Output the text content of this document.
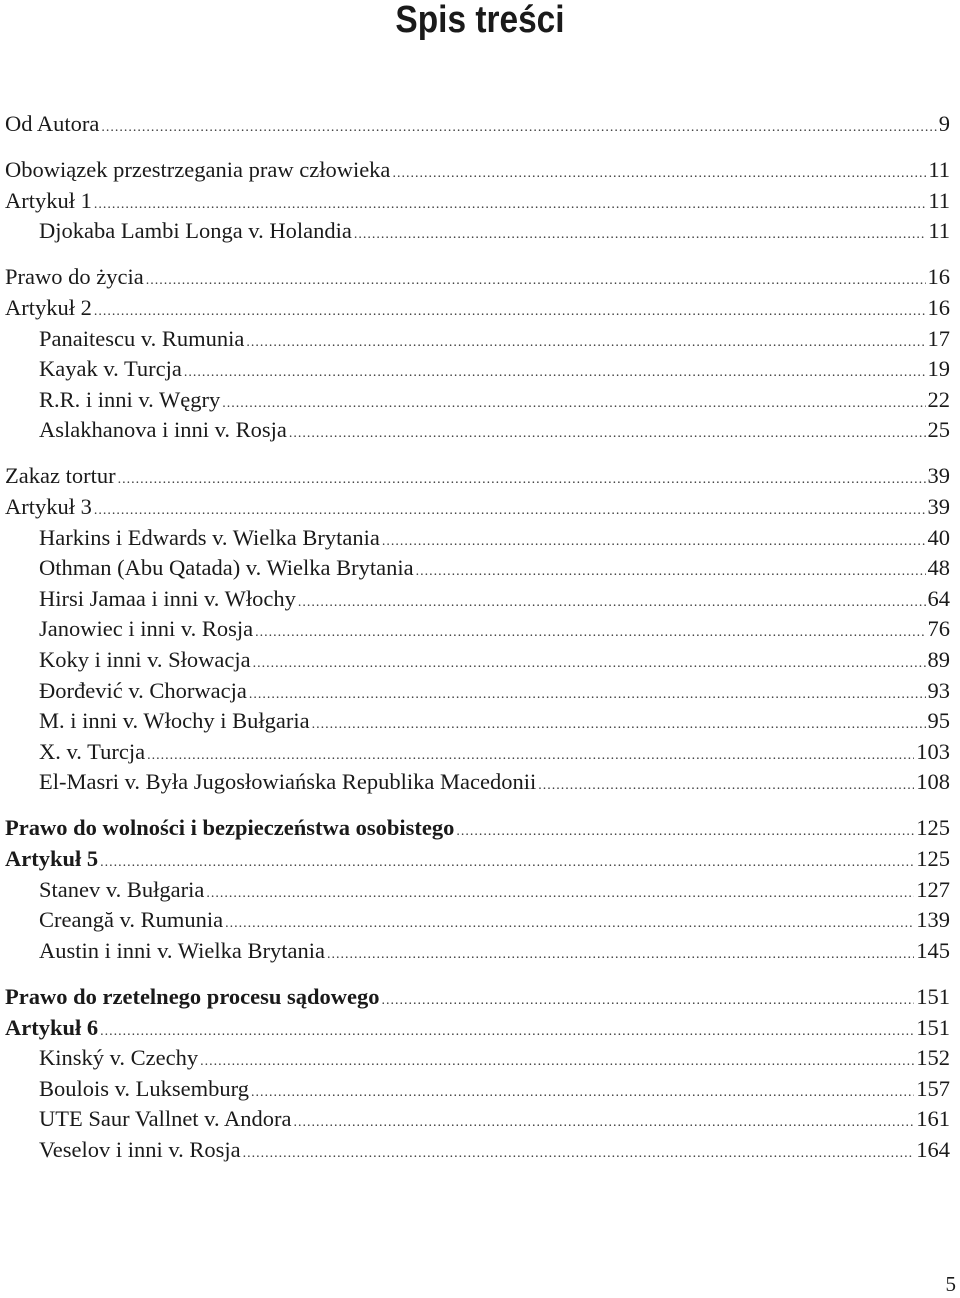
Spis treści
Od Autora .....	9
Obowiązek przestrzegania praw człowieka .....	11
Artykuł 1 .....	11
Djokaba Lambi Longa v. Holandia .....	11
Prawo do życia .....	16
Artykuł 2 .....	16
Panaitescu v. Rumunia .....	17
Kayak v. Turcja .....	19
R.R. i inni v. Węgry .....	22
Aslakhanova i inni v. Rosja .....	25
Zakaz tortur .....	39
Artykuł 3 .....	39
Harkins i Edwards v. Wielka Brytania .....	40
Othman (Abu Qatada) v. Wielka Brytania .....	48
Hirsi Jamaa i inni v. Włochy .....	64
Janowiec i inni v. Rosja .....	76
Koky i inni v. Słowacja .....	89
Đorđević v. Chorwacja .....	93
M. i inni v. Włochy i Bułgaria .....	95
X. v. Turcja .....	103
El-Masri v. Była Jugosłowiańska Republika Macedonii .....	108
Prawo do wolności i bezpieczeństwa osobistego .....	125
Artykuł 5 .....	125
Stanev v. Bułgaria .....	127
Creangă v. Rumunia .....	139
Austin i inni v. Wielka Brytania .....	145
Prawo do rzetelnego procesu sądowego .....	151
Artykuł 6 .....	151
Kinský v. Czechy .....	152
Boulois v. Luksemburg .....	157
UTE Saur Vallnet v. Andora .....	161
Veselov i inni v. Rosja .....	164
5
